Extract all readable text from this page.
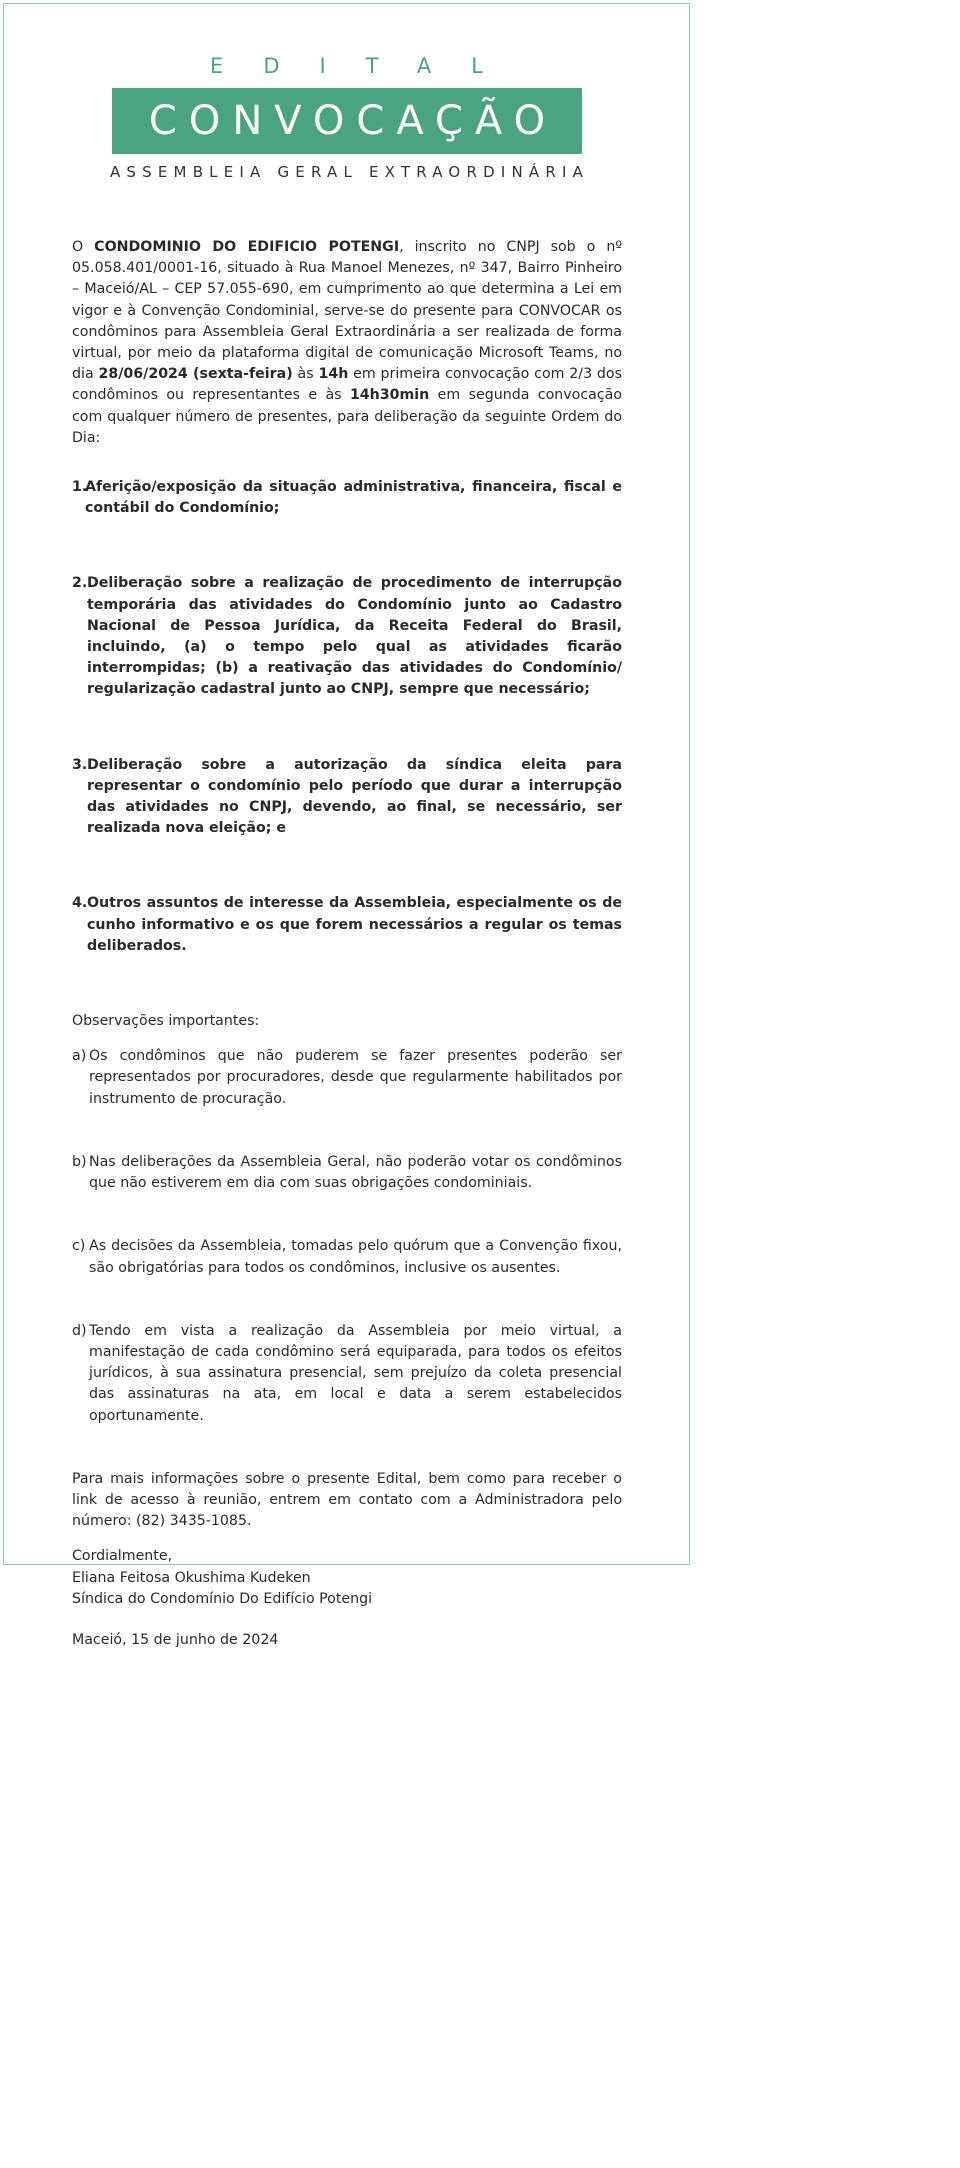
EDITAL
CONVOCAÇÃO
ASSEMBLEIA GERAL EXTRAORDINÁRIA

O CONDOMINIO DO EDIFICIO POTENGI, inscrito no CNPJ sob o nº 05.058.401/0001-16, situado à Rua Manoel Menezes, nº 347, Bairro Pinheiro – Maceió/AL – CEP 57.055-690, em cumprimento ao que determina a Lei em vigor e à Convenção Condominial, serve-se do presente para CONVOCAR os condôminos para Assembleia Geral Extraordinária a ser realizada de forma virtual, por meio da plataforma digital de comunicação Microsoft Teams, no dia 28/06/2024 (sexta-feira) às 14h em primeira convocação com 2/3 dos condôminos ou representantes e às 14h30min em segunda convocação com qualquer número de presentes, para deliberação da seguinte Ordem do Dia:

1.
Aferição/exposição da situação administrativa, financeira, fiscal e contábil do Condomínio;
2. Deliberação sobre a realização de procedimento de interrupção temporária das atividades do Condomínio junto ao Cadastro Nacional de Pessoa Jurídica, da Receita Federal do Brasil, incluindo, (a) o tempo pelo qual as atividades ficarão interrompidas; (b) a reativação das atividades do Condomínio/ regularização cadastral junto ao CNPJ, sempre que necessário;
3. Deliberação sobre a autorização da síndica eleita para representar o condomínio pelo período que durar a interrupção das atividades no CNPJ, devendo, ao final, se necessário, ser realizada nova eleição; e
4. Outros assuntos de interesse da Assembleia, especialmente os de cunho informativo e os que forem necessários a regular os temas deliberados.

Observações importantes:

a) Os condôminos que não puderem se fazer presentes poderão ser representados por procuradores, desde que regularmente habilitados por instrumento de procuração.
b) Nas deliberações da Assembleia Geral, não poderão votar os condôminos que não estiverem em dia com suas obrigações condominiais.
c) As decisões da Assembleia, tomadas pelo quórum que a Convenção fixou, são obrigatórias para todos os condôminos, inclusive os ausentes.
d) Tendo em vista a realização da Assembleia por meio virtual, a manifestação de cada condômino será equiparada, para todos os efeitos jurídicos, à sua assinatura presencial, sem prejuízo da coleta presencial das assinaturas na ata, em local e data a serem estabelecidos oportunamente.

Para mais informações sobre o presente Edital, bem como para receber o link de acesso à reunião, entrem em contato com a Administradora pelo número: (82) 3435-1085.

Cordialmente,

Eliana Feitosa Okushima Kudeken

Síndica do Condomínio Do Edifício Potengi

Maceió, 15 de junho de 2024
